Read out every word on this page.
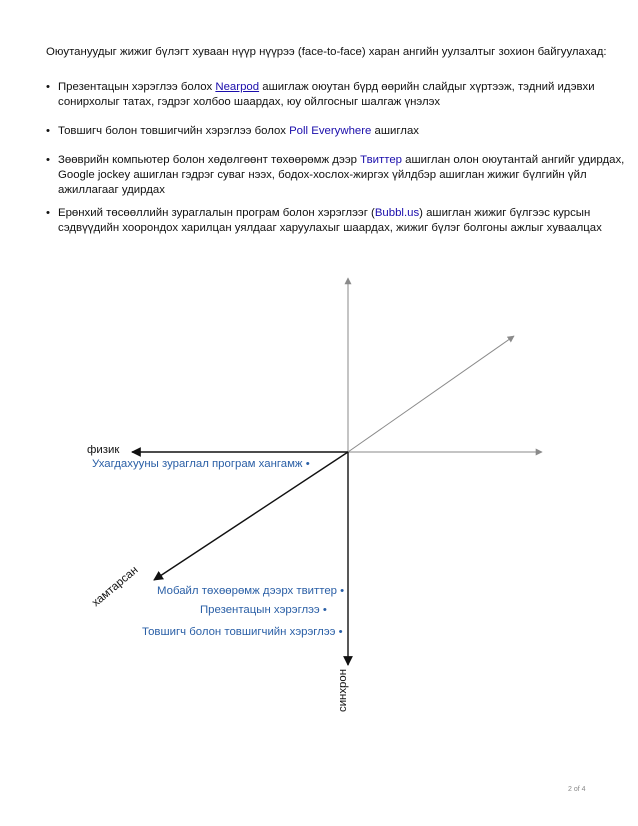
Оюутануудыг жижиг бүлэгт хуваан нүүр нүүрээ (face-to-face) харан ангийн уулзалтыг зохион байгуулахад:
• Презентацын хэрэглээ болох Nearpod ашиглаж оюутан бүрд өөрийн слайдыг хүртээж, тэдний идэвхи сонирхолыг татах, гэдрэг холбоо шаардах, юу ойлгосныг шалгаж үнэлэх
• Товшигч болон товшигчийн хэрэглээ болох Poll Everywhere ашиглах
• Зөөврийн компьютер болон хөдөлгөөнт төхөөрөмж дээр Твиттер ашиглан олон оюутантай ангийг удирдах, Google jockey ашиглан гэдрэг суваг нээх, бодох-хослох-жиргэх үйлдбэр ашиглан жижиг бүлгийн үйл ажиллагааг удирдах
• Ерөнхий төсөөллийн зураглалын програм болон хэрэглээг (Bubbl.us) ашиглан жижиг бүлгээс курсын сэдвүүдийн хоорондох харилцан уялдааг харуулахыг шаардах, жижиг бүлэг болгоны ажлыг хуваалцах
физик
Ухагдахууны зураглал програм хангамж •
Мобайл төхөөрөмж дээрх твиттер •
Презентацын хэрэглээ •
Товшигч болон товшигчийн хэрэглээ •
хамтарсан
синхрон
2 of 4
